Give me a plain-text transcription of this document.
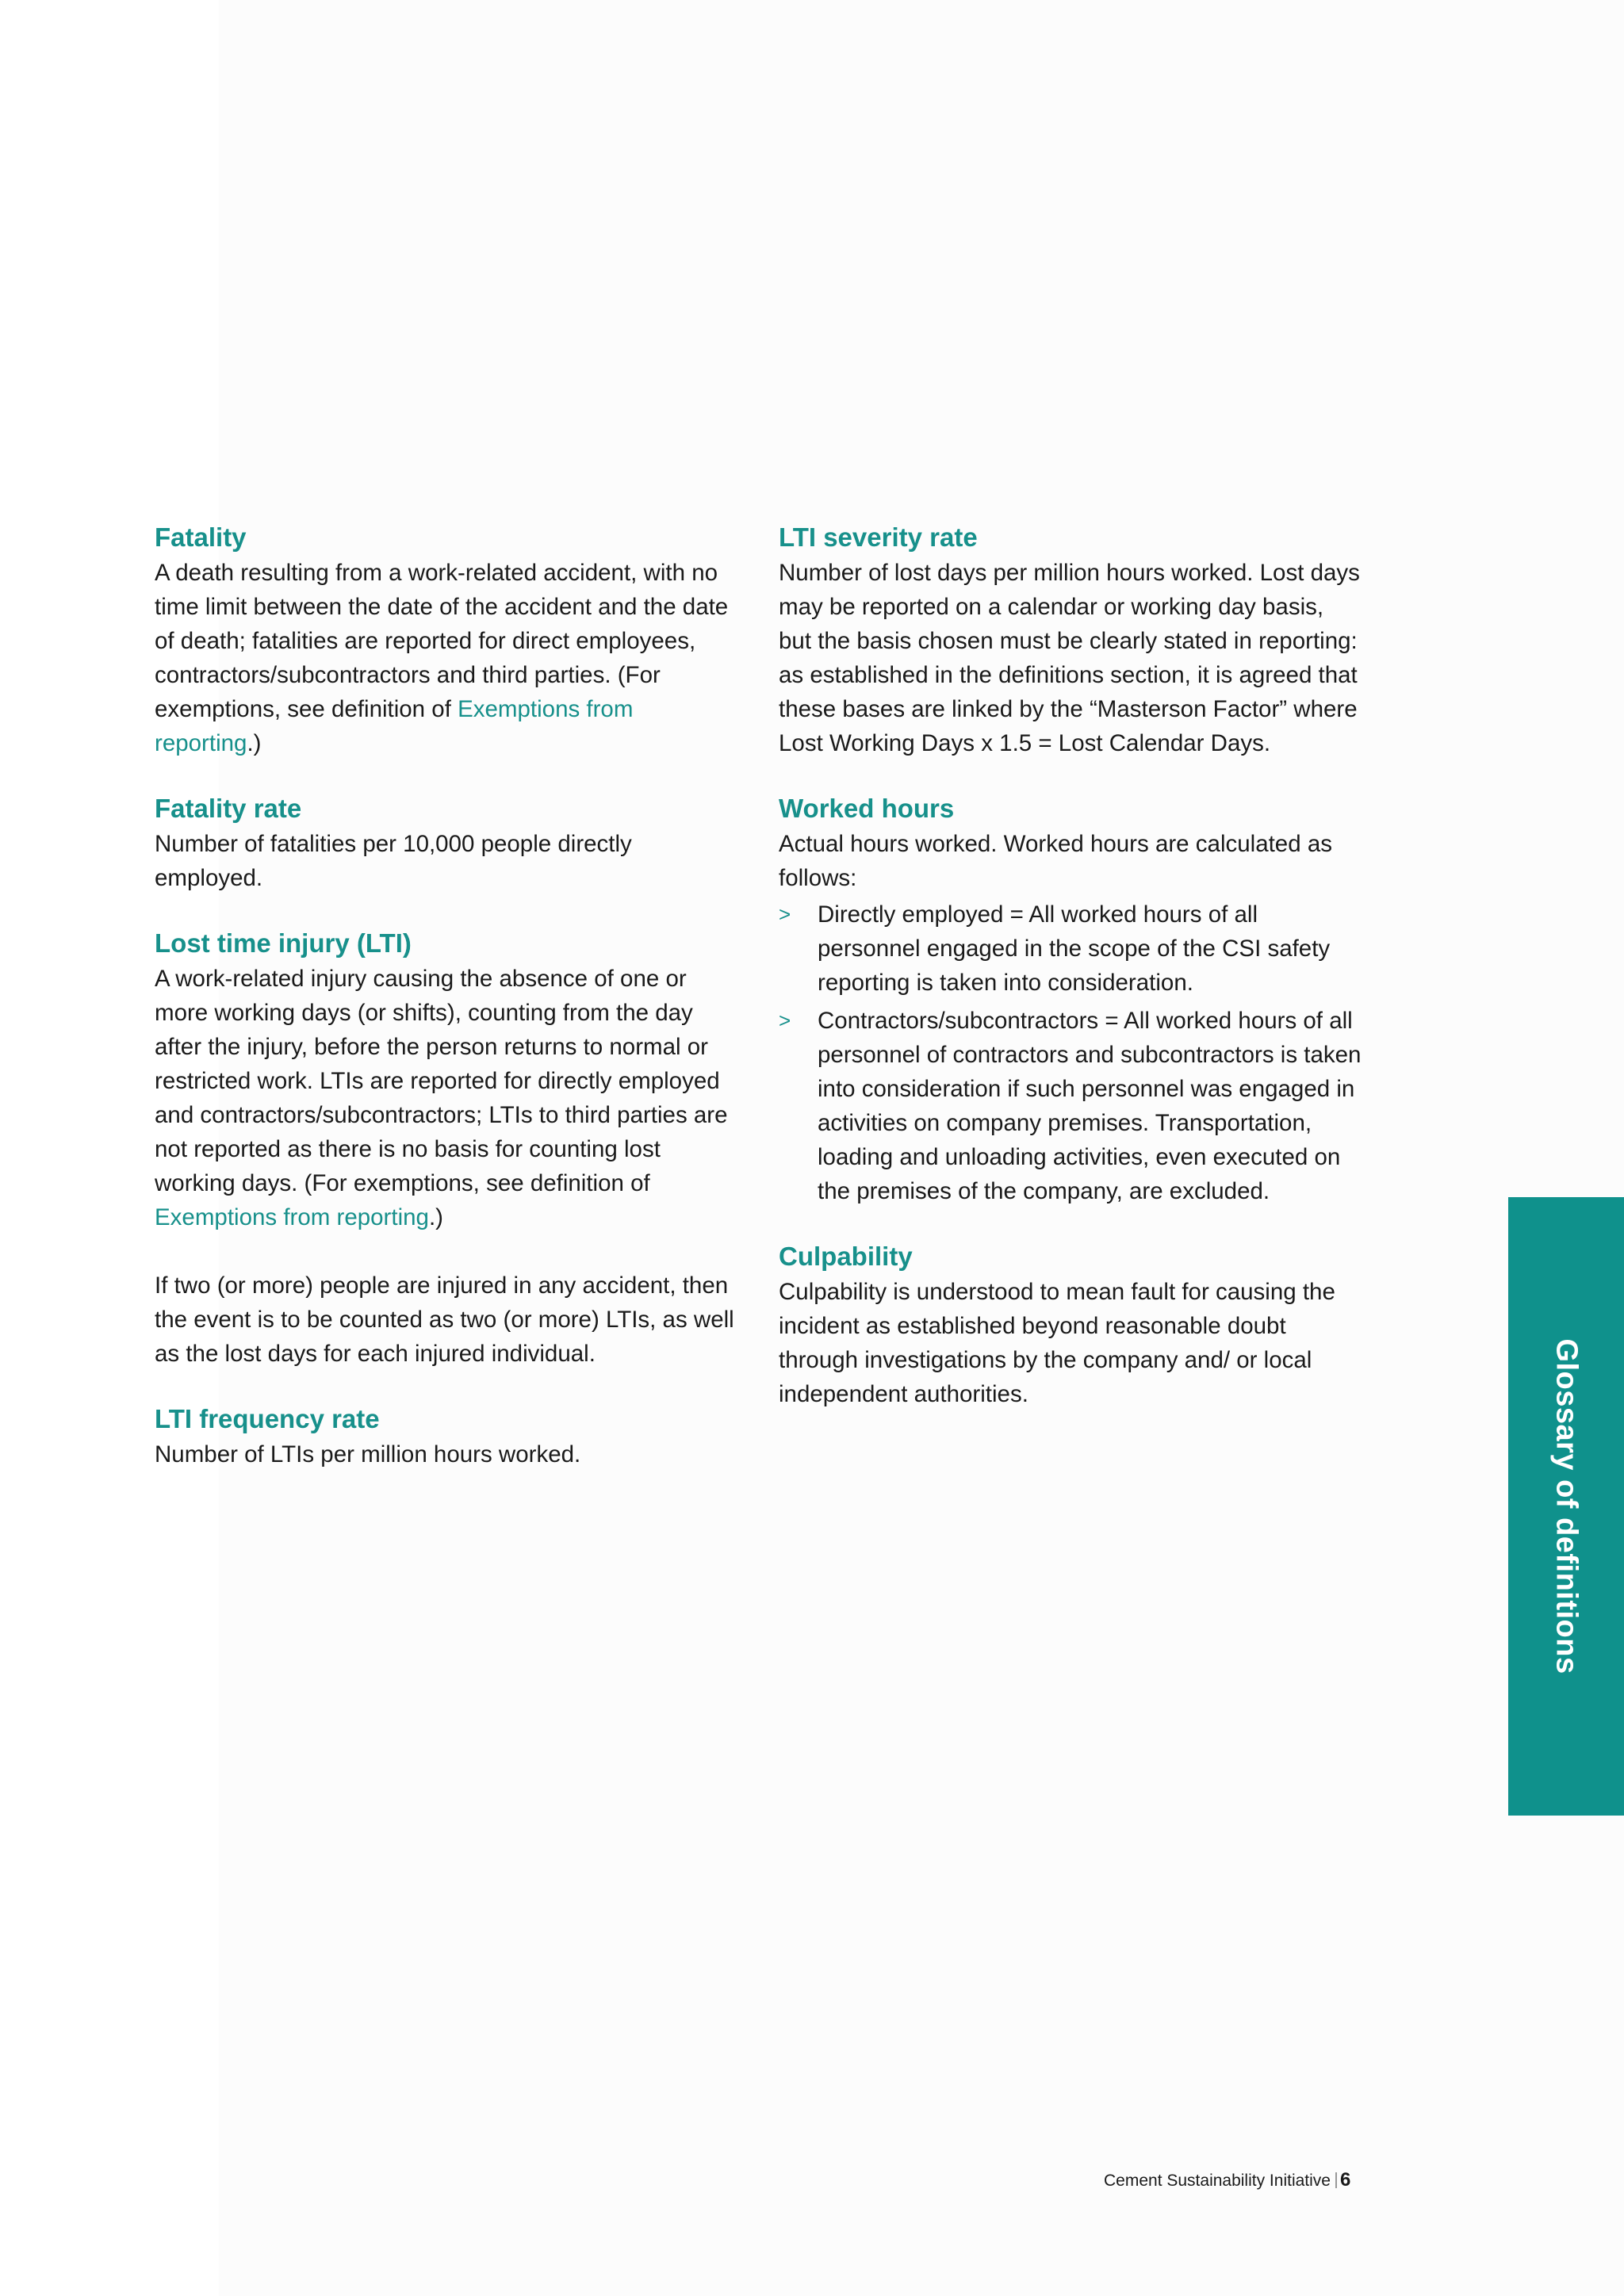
Fatality

A death resulting from a work-related accident, with no time limit between the date of the accident and the date of death; fatalities are reported for direct employees, contractors/subcontractors and third parties. (For exemptions, see definition of Exemptions from reporting.)

Fatality rate

Number of fatalities per 10,000 people directly employed.

Lost time injury (LTI)

A work-related injury causing the absence of one or more working days (or shifts), counting from the day after the injury, before the person returns to normal or restricted work. LTIs are reported for directly employed and contractors/subcontractors; LTIs to third parties are not reported as there is no basis for counting lost working days. (For exemptions, see definition of Exemptions from reporting.)

If two (or more) people are injured in any accident, then the event is to be counted as two (or more) LTIs, as well as the lost days for each injured individual.

LTI frequency rate

Number of LTIs per million hours worked.

LTI severity rate

Number of lost days per million hours worked. Lost days may be reported on a calendar or working day basis, but the basis chosen must be clearly stated in reporting: as established in the definitions section, it is agreed that these bases are linked by the “Masterson Factor” where Lost Working Days x 1.5 = Lost Calendar Days.

Worked hours

Actual hours worked. Worked hours are calculated as follows:

> Directly employed = All worked hours of all personnel engaged in the scope of the CSI safety reporting is taken into consideration.
> Contractors/subcontractors = All worked hours of all personnel of contractors and subcontractors is taken into consideration if such personnel was engaged in activities on company premises. Transportation, loading and unloading activities, even executed on the premises of the company, are excluded.
Culpability

Culpability is understood to mean fault for causing the incident as established beyond reasonable doubt through investigations by the company and/ or local independent authorities.	Glossary of definitions
Cement Sustainability Initiative 6
